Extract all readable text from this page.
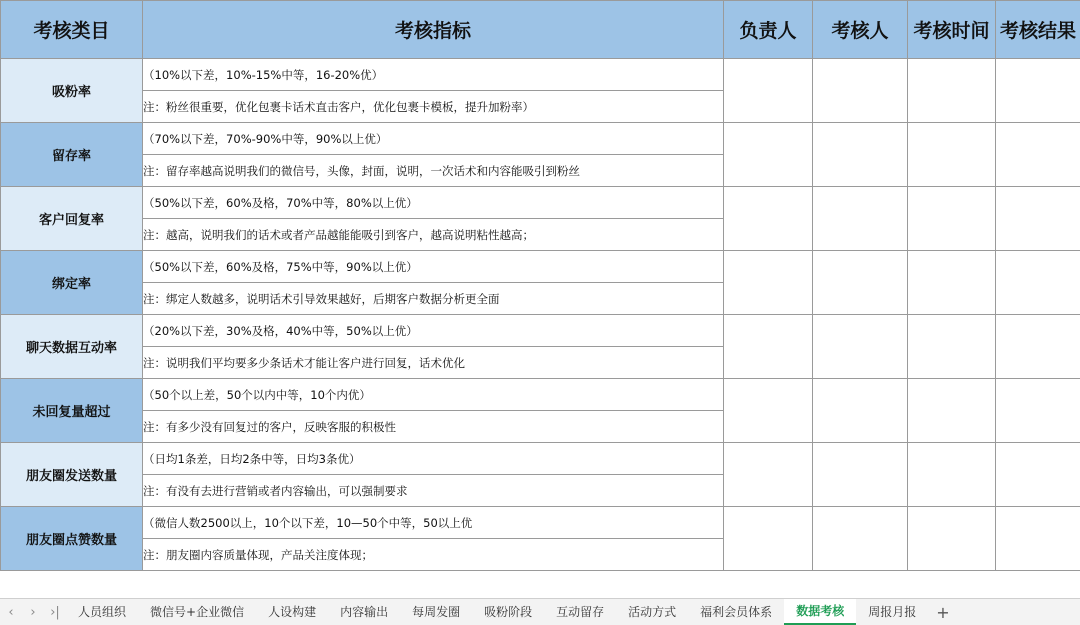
考核类目	考核指标	负责人	考核人	考核时间	考核结果
吸粉率	（10%以下差，10%-15%中等，16-20%优）				
	注：粉丝很重要，优化包裹卡话术直击客户，优化包裹卡模板，提升加粉率）				
留存率	（70%以下差，70%-90%中等，90%以上优）				
	注：留存率越高说明我们的微信号，头像，封面，说明，一次话术和内容能吸引到粉丝				
客户回复率	（50%以下差，60%及格，70%中等，80%以上优）				
	注：越高，说明我们的话术或者产品越能能吸引到客户，越高说明粘性越高；				
绑定率	（50%以下差，60%及格，75%中等，90%以上优）				
	注：绑定人数越多，说明话术引导效果越好，后期客户数据分析更全面				
聊天数据互动率	（20%以下差，30%及格，40%中等，50%以上优）				
	注：说明我们平均要多少条话术才能让客户进行回复，话术优化				
未回复量超过	（50个以上差，50个以内中等，10个内优）				
	注：有多少没有回复过的客户，反映客服的积极性				
朋友圈发送数量	（日均1条差，日均2条中等，日均3条优）				
	注：有没有去进行营销或者内容输出，可以强制要求				
朋友圈点赞数量	（微信人数2500以上，10个以下差，10—50个中等，50以上优				
	注：朋友圈内容质量体现，产品关注度体现；				
‹	›	›|	人员组织	微信号+企业微信	人设构建	内容输出	每周发圈	吸粉阶段	互动留存	活动方式	福利会员体系	数据考核	周报月报	+
